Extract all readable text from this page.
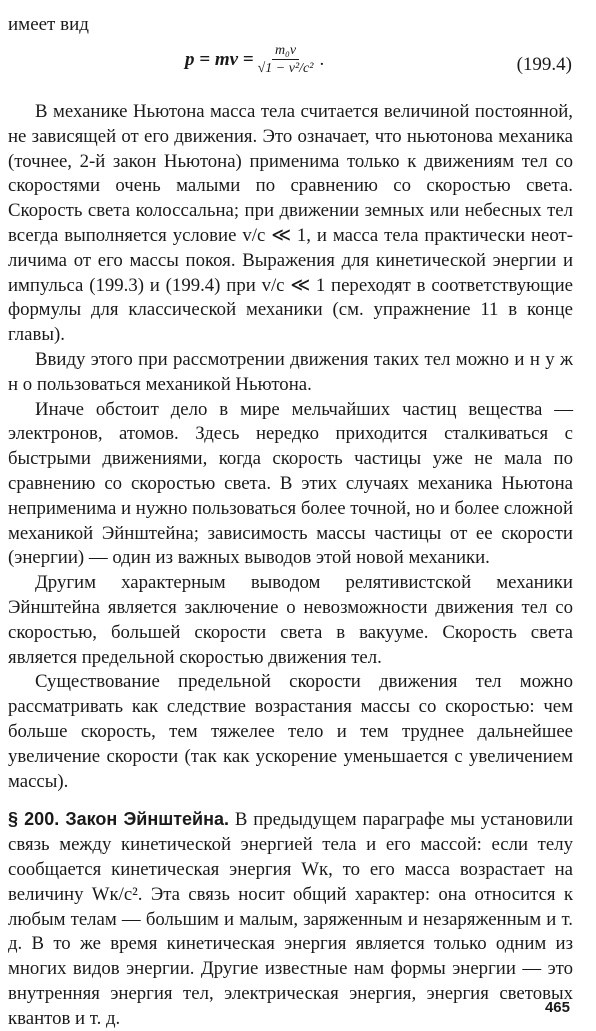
имеет вид
p = mv = $\frac{\text{m₀v}}{\text{√1 − v²/c²}}$ .	(199.4)

В механике Ньютона масса тела считается величиной постоянной, не зависящей от его движения. Это означает, что ньютонова механика (точнее, 2-й закон Ньютона) применима только к движениям тел со скоростями очень малыми по сравнению со скоростью света. Скорость света колоссальна; при движении земных или небесных тел всегда выполняется условие v/c ≪ 1, и масса тела практически неотличима от его массы покоя. Выражения для кинетической энергии и импульса (199.3) и (199.4) при v/c ≪ 1 переходят в соответствующие формулы для классической механики (см. упражнение 11 в конце главы).

Ввиду этого при рассмотрении движения таких тел можно и н у ж н о пользоваться механикой Ньютона.

Иначе обстоит дело в мире мельчайших частиц вещества — электронов, атомов. Здесь нередко приходится сталкиваться с быстрыми движениями, когда скорость частицы уже не мала по сравнению со скоростью света. В этих случаях механика Ньютона неприменима и нужно пользоваться более точной, но и более сложной механикой Эйнштейна; зависимость массы частицы от ее скорости (энергии) — один из важных выводов этой новой механики.

Другим характерным выводом релятивистской механики Эйнштейна является заключение о невозможности движения тел со скоростью, большей скорости света в вакууме. Скорость света является предельной скоростью движения тел.

Существование предельной скорости движения тел можно рассматривать как следствие возрастания массы со скоростью: чем больше скорость, тем тяжелее тело и тем труднее дальнейшее увеличение скорости (так как ускорение уменьшается с увеличением массы).

§ 200. Закон Эйнштейна. В предыдущем параграфе мы установили связь между кинетической энергией тела и его массой: если телу сообщается кинетическая энергия Wк, то его масса возрастает на величину Wк/c². Эта связь носит общий характер: она относится к любым телам — большим и малым, заряженным и незаряженным и т. д. В то же время кинетическая энергия является только одним из многих видов энергии. Другие известные нам формы энергии — это внутренняя энергия тел, электрическая энергия, энергия световых квантов и т. д.

465
